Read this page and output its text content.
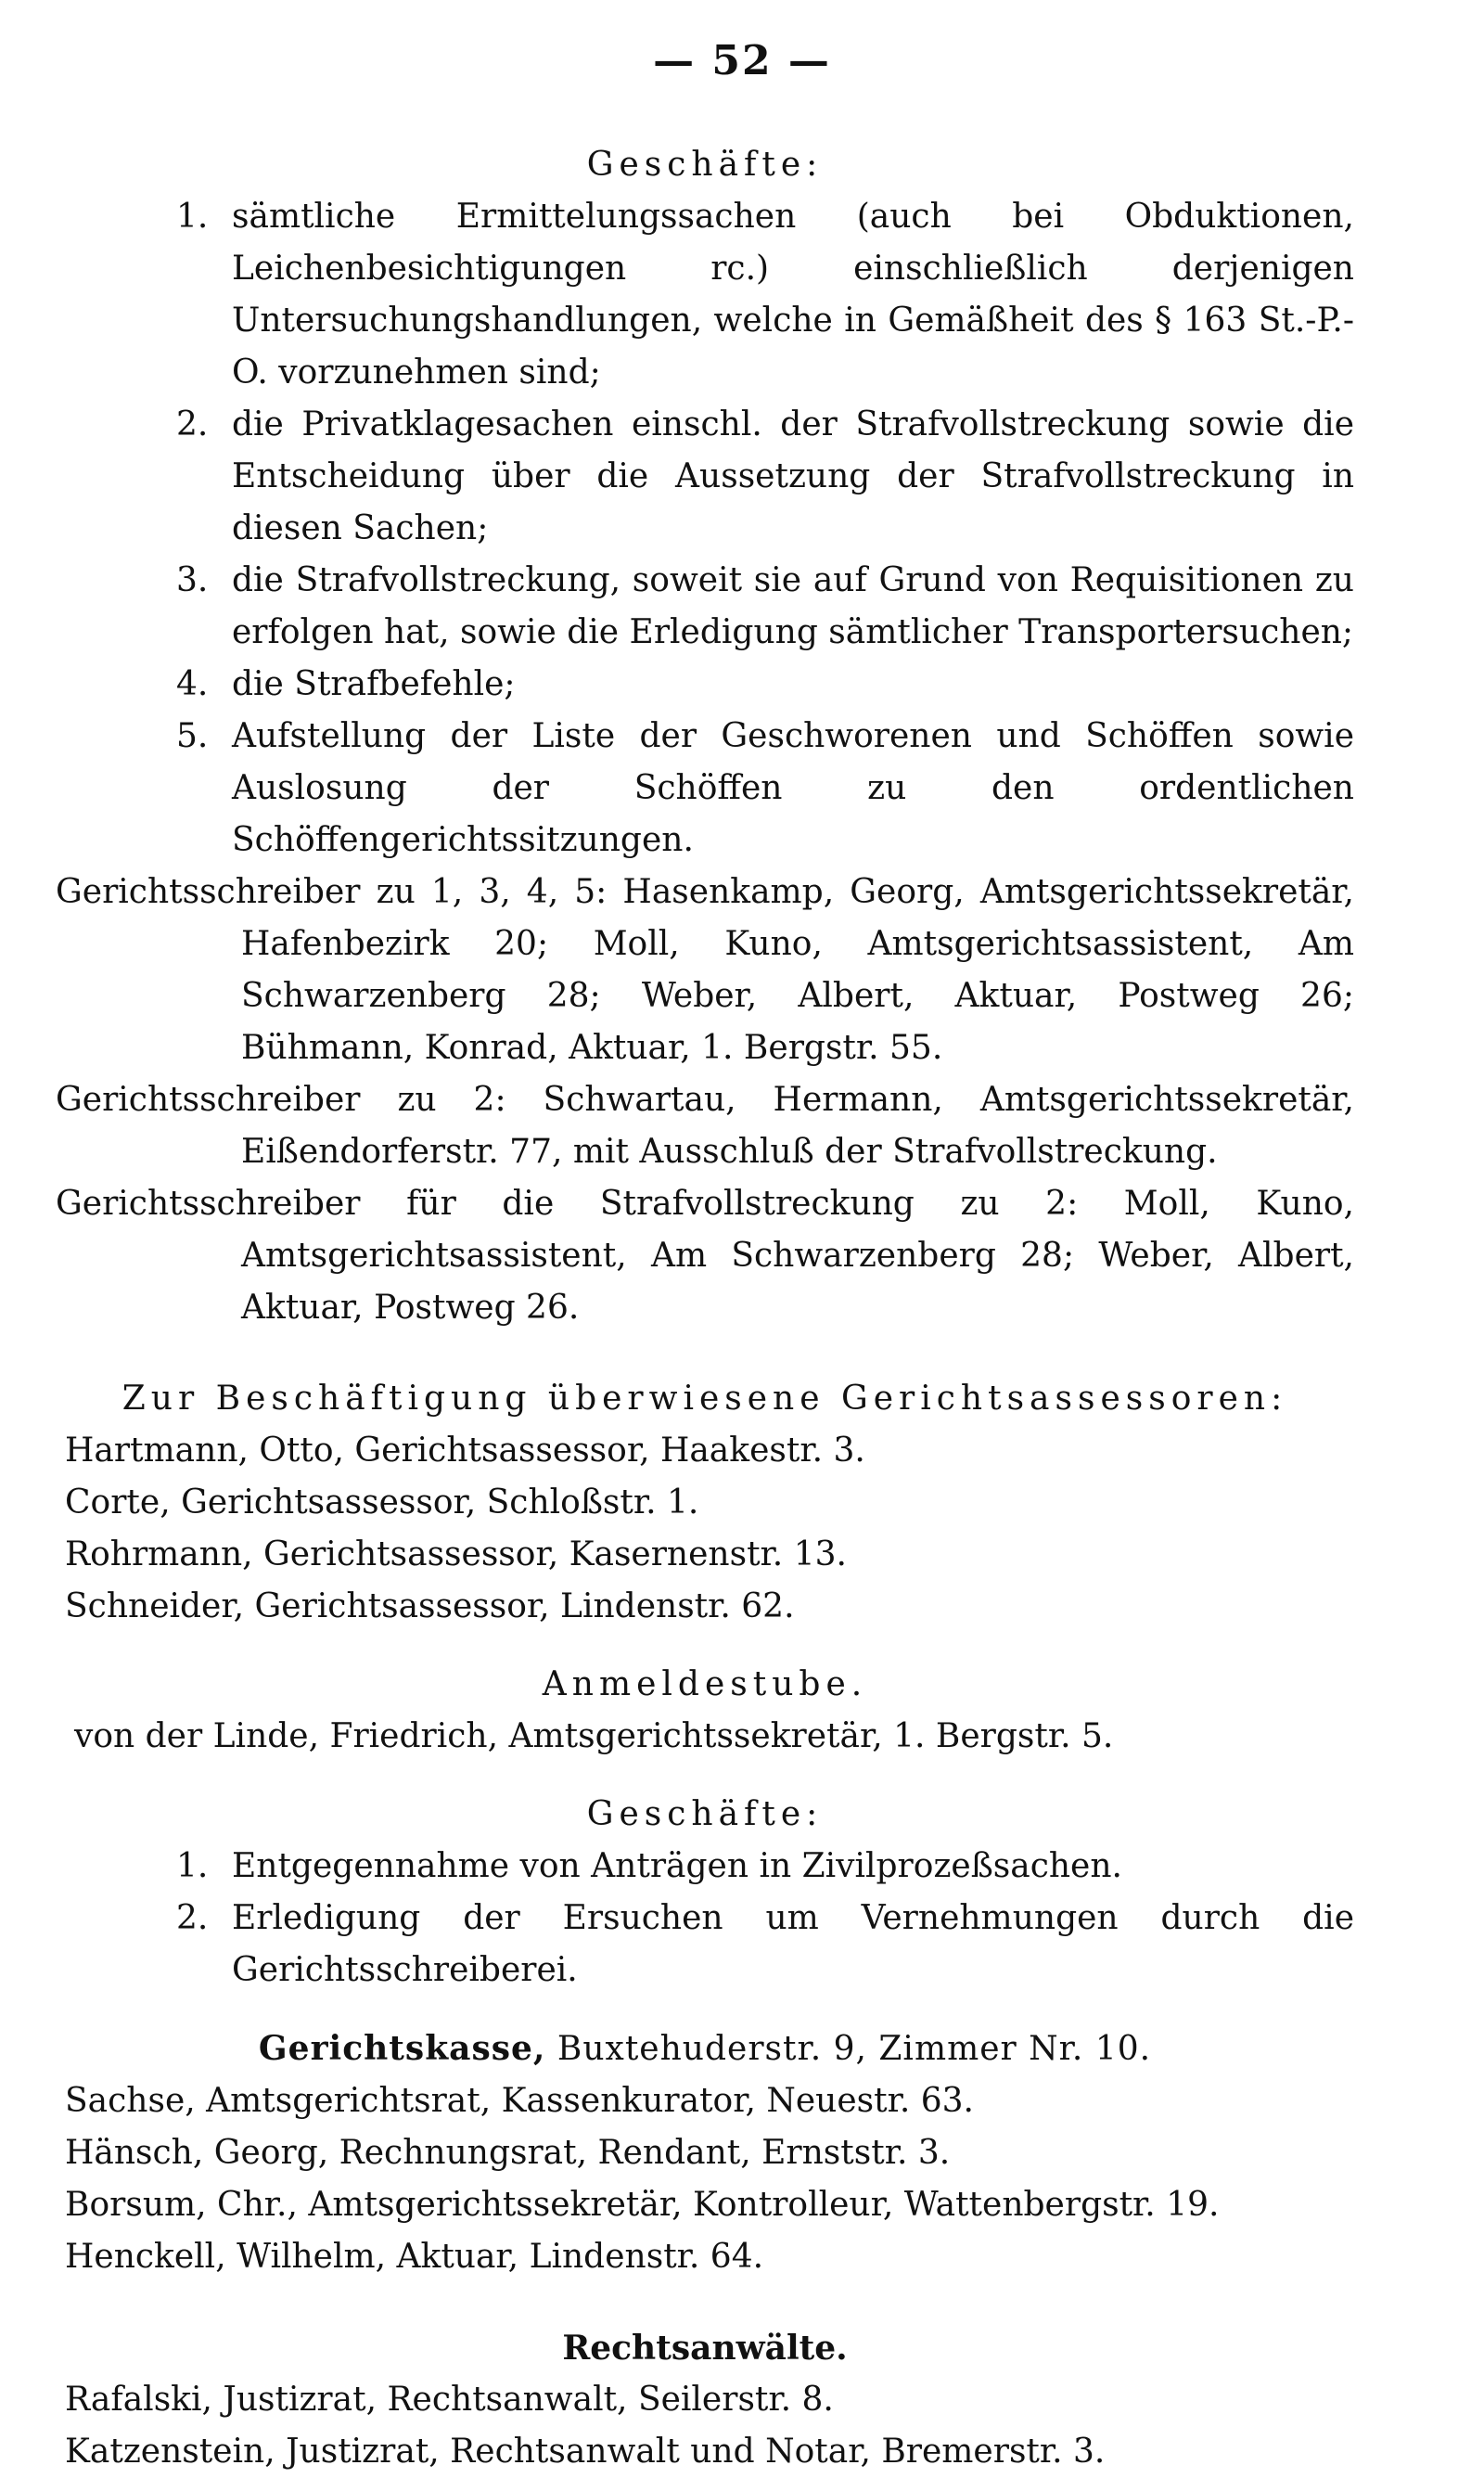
— 52 —

Geschäfte:

1. sämtliche Ermittelungssachen (auch bei Obduktionen, Leichenbesichtigungen rc.) einschließlich derjenigen Untersuchungshandlungen, welche in Gemäßheit des § 163 St.-P.-O. vorzunehmen sind;
2. die Privatklagesachen einschl. der Strafvollstreckung sowie die Entscheidung über die Aussetzung der Strafvollstreckung in diesen Sachen;
3. die Strafvollstreckung, soweit sie auf Grund von Requisitionen zu erfolgen hat, sowie die Erledigung sämtlicher Transportersuchen;
4. die Strafbefehle;
5. Aufstellung der Liste der Geschworenen und Schöffen sowie Auslosung der Schöffen zu den ordentlichen Schöffengerichtssitzungen.

Gerichtsschreiber zu 1, 3, 4, 5: Hasenkamp, Georg, Amtsgerichtssekretär, Hafenbezirk 20; Moll, Kuno, Amtsgerichtsassistent, Am Schwarzenberg 28; Weber, Albert, Aktuar, Postweg 26; Bühmann, Konrad, Aktuar, 1. Bergstr. 55.

Gerichtsschreiber zu 2: Schwartau, Hermann, Amtsgerichtssekretär, Eißendorferstr. 77, mit Ausschluß der Strafvollstreckung.

Gerichtsschreiber für die Strafvollstreckung zu 2: Moll, Kuno, Amtsgerichtsassistent, Am Schwarzenberg 28; Weber, Albert, Aktuar, Postweg 26.

Zur Beschäftigung überwiesene Gerichtsassessoren:

Hartmann, Otto, Gerichtsassessor, Haakestr. 3.

Corte, Gerichtsassessor, Schloßstr. 1.

Rohrmann, Gerichtsassessor, Kasernenstr. 13.

Schneider, Gerichtsassessor, Lindenstr. 62.

Anmeldestube.

von der Linde, Friedrich, Amtsgerichtssekretär, 1. Bergstr. 5.

Geschäfte:

1. Entgegennahme von Anträgen in Zivilprozeßsachen.
2. Erledigung der Ersuchen um Vernehmungen durch die Gerichtsschreiberei.

Gerichtskasse, Buxtehuderstr. 9, Zimmer Nr. 10.

Sachse, Amtsgerichtsrat, Kassenkurator, Neuestr. 63.

Hänsch, Georg, Rechnungsrat, Rendant, Ernststr. 3.

Borsum, Chr., Amtsgerichtssekretär, Kontrolleur, Wattenbergstr. 19.

Henckell, Wilhelm, Aktuar, Lindenstr. 64.

Rechtsanwälte.

Rafalski, Justizrat, Rechtsanwalt, Seilerstr. 8.

Katzenstein, Justizrat, Rechtsanwalt und Notar, Bremerstr. 3.
